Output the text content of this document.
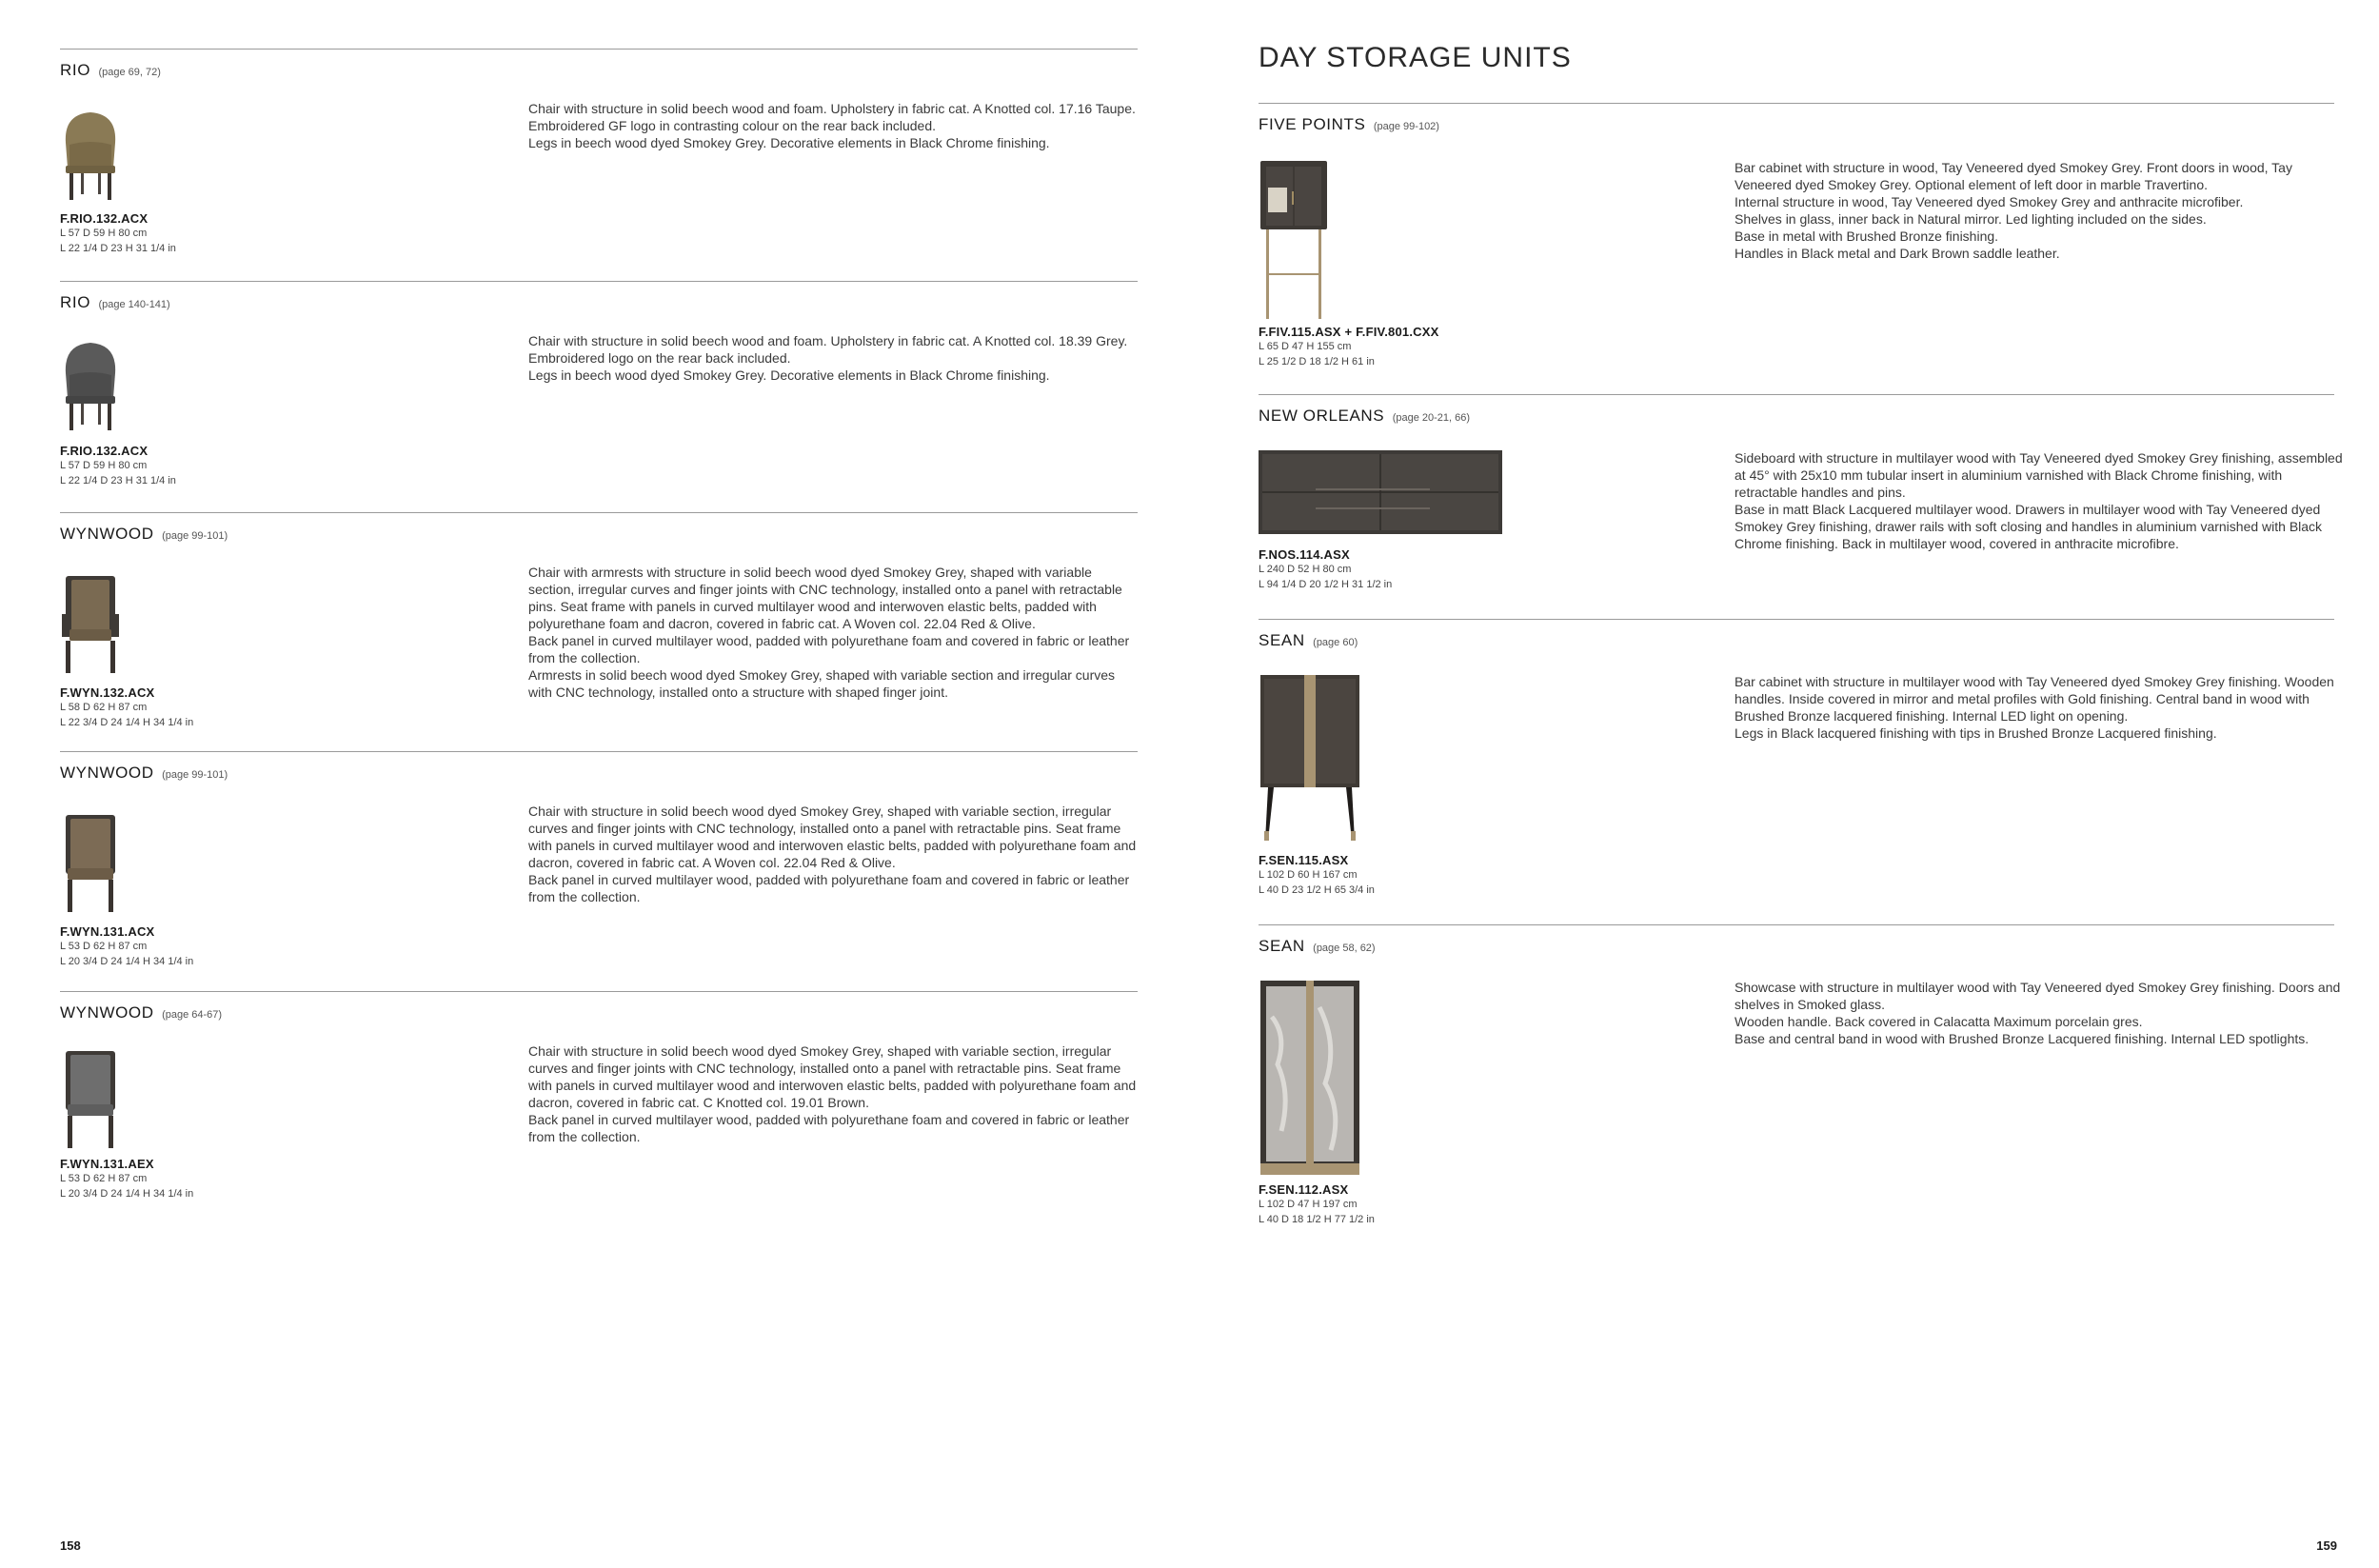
RIO (page 69, 72)
F.RIO.132.ACX
L 57 D 59 H 80 cm
L 22 1/4 D 23 H 31 1/4 in

Chair with structure in solid beech wood and foam. Upholstery in fabric cat. A Knotted col. 17.16 Taupe. Embroidered GF logo in contrasting colour on the rear back included.

Legs in beech wood dyed Smokey Grey. Decorative elements in Black Chrome finishing.

RIO (page 140-141)
F.RIO.132.ACX
L 57 D 59 H 80 cm
L 22 1/4 D 23 H 31 1/4 in

Chair with structure in solid beech wood and foam. Upholstery in fabric cat. A Knotted col. 18.39 Grey. Embroidered logo on the rear back included.

Legs in beech wood dyed Smokey Grey. Decorative elements in Black Chrome finishing.

WYNWOOD (page 99-101)
F.WYN.132.ACX
L 58 D 62 H 87 cm
L 22 3/4 D 24 1/4 H 34 1/4 in

Chair with armrests with structure in solid beech wood dyed Smokey Grey, shaped with variable section, irregular curves and finger joints with CNC technology, installed onto a panel with retractable pins. Seat frame with panels in curved multilayer wood and interwoven elastic belts, padded with polyurethane foam and dacron, covered in fabric cat. A Woven col. 22.04 Red & Olive.

Back panel in curved multilayer wood, padded with polyurethane foam and covered in fabric or leather from the collection.

Armrests in solid beech wood dyed Smokey Grey, shaped with variable section and irregular curves with CNC technology, installed onto a structure with shaped finger joint.

WYNWOOD (page 99-101)
F.WYN.131.ACX
L 53 D 62 H 87 cm
L 20 3/4 D 24 1/4 H 34 1/4 in

Chair with structure in solid beech wood dyed Smokey Grey, shaped with variable section, irregular curves and finger joints with CNC technology, installed onto a panel with retractable pins. Seat frame with panels in curved multilayer wood and interwoven elastic belts, padded with polyurethane foam and dacron, covered in fabric cat. A Woven col. 22.04 Red & Olive.

Back panel in curved multilayer wood, padded with polyurethane foam and covered in fabric or leather from the collection.

WYNWOOD (page 64-67)
F.WYN.131.AEX
L 53 D 62 H 87 cm
L 20 3/4 D 24 1/4 H 34 1/4 in

Chair with structure in solid beech wood dyed Smokey Grey, shaped with variable section, irregular curves and finger joints with CNC technology, installed onto a panel with retractable pins. Seat frame with panels in curved multilayer wood and interwoven elastic belts, padded with polyurethane foam and dacron, covered in fabric cat. C Knotted col. 19.01 Brown.

Back panel in curved multilayer wood, padded with polyurethane foam and covered in fabric or leather from the collection.

158
DAY STORAGE UNITS
FIVE POINTS (page 99-102)
F.FIV.115.ASX + F.FIV.801.CXX
L 65 D 47 H 155 cm
L 25 1/2 D 18 1/2 H 61 in

Bar cabinet with structure in wood, Tay Veneered dyed Smokey Grey. Front doors in wood, Tay Veneered dyed Smokey Grey. Optional element of left door in marble Travertino.

Internal structure in wood, Tay Veneered dyed Smokey Grey and anthracite microfiber.

Shelves in glass, inner back in Natural mirror. Led lighting included on the sides.

Base in metal with Brushed Bronze finishing.

Handles in Black metal and Dark Brown saddle leather.

NEW ORLEANS (page 20-21, 66)
F.NOS.114.ASX
L 240 D 52 H 80 cm
L 94 1/4 D 20 1/2 H 31 1/2 in

Sideboard with structure in multilayer wood with Tay Veneered dyed Smokey Grey finishing, assembled at 45° with 25x10 mm tubular insert in aluminium varnished with Black Chrome finishing, with retractable handles and pins.

Base in matt Black Lacquered multilayer wood. Drawers in multilayer wood with Tay Veneered dyed Smokey Grey finishing, drawer rails with soft closing and handles in aluminium varnished with Black Chrome finishing. Back in multilayer wood, covered in anthracite microfibre.

SEAN (page 60)
F.SEN.115.ASX
L 102 D 60 H 167 cm
L 40 D 23 1/2 H 65 3/4 in

Bar cabinet with structure in multilayer wood with Tay Veneered dyed Smokey Grey finishing. Wooden handles. Inside covered in mirror and metal profiles with Gold finishing. Central band in wood with Brushed Bronze lacquered finishing. Internal LED light on opening.

Legs in Black lacquered finishing with tips in Brushed Bronze Lacquered finishing.

SEAN (page 58, 62)
F.SEN.112.ASX
L 102 D 47 H 197 cm
L 40 D 18 1/2 H 77 1/2 in

Showcase with structure in multilayer wood with Tay Veneered dyed Smokey Grey finishing. Doors and shelves in Smoked glass.

Wooden handle. Back covered in Calacatta Maximum porcelain gres.

Base and central band in wood with Brushed Bronze Lacquered finishing. Internal LED spotlights.

159
